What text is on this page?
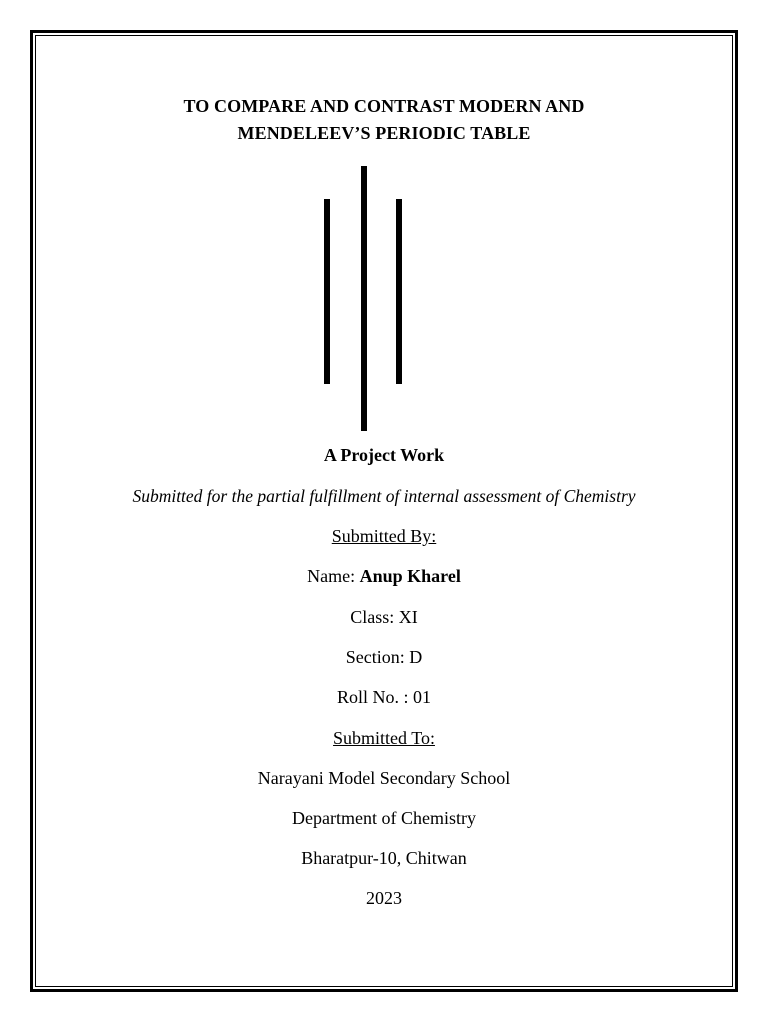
TO COMPARE AND CONTRAST MODERN AND
MENDELEEV’S PERIODIC TABLE
A Project Work
Submitted for the partial fulfillment of internal assessment of Chemistry
Submitted By:
Name: Anup Kharel
Class: XI
Section: D
Roll No. : 01
Submitted To:
Narayani Model Secondary School
Department of Chemistry
Bharatpur-10, Chitwan
2023
